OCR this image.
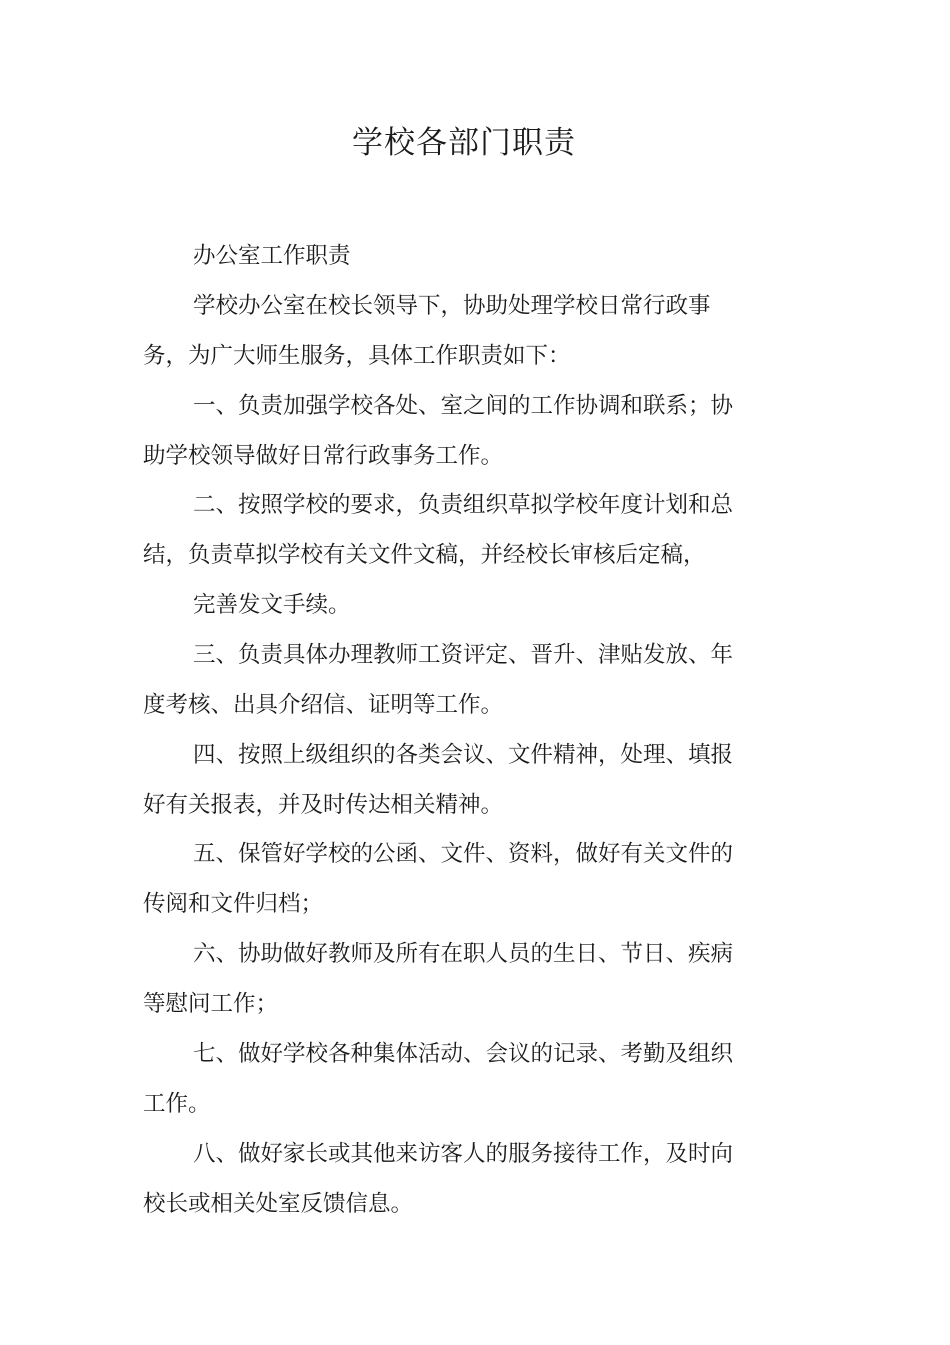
学校各部门职责

办公室工作职责

学校办公室在校长领导下，协助处理学校日常行政事

务，为广大师生服务，具体工作职责如下：

一、负责加强学校各处、室之间的工作协调和联系；协

助学校领导做好日常行政事务工作。

二、按照学校的要求，负责组织草拟学校年度计划和总

结，负责草拟学校有关文件文稿，并经校长审核后定稿，

完善发文手续。

三、负责具体办理教师工资评定、晋升、津贴发放、年

度考核、出具介绍信、证明等工作。

四、按照上级组织的各类会议、文件精神，处理、填报

好有关报表，并及时传达相关精神。

五、保管好学校的公函、文件、资料，做好有关文件的

传阅和文件归档；

六、协助做好教师及所有在职人员的生日、节日、疾病

等慰问工作；

七、做好学校各种集体活动、会议的记录、考勤及组织

工作。

八、做好家长或其他来访客人的服务接待工作，及时向

校长或相关处室反馈信息。
